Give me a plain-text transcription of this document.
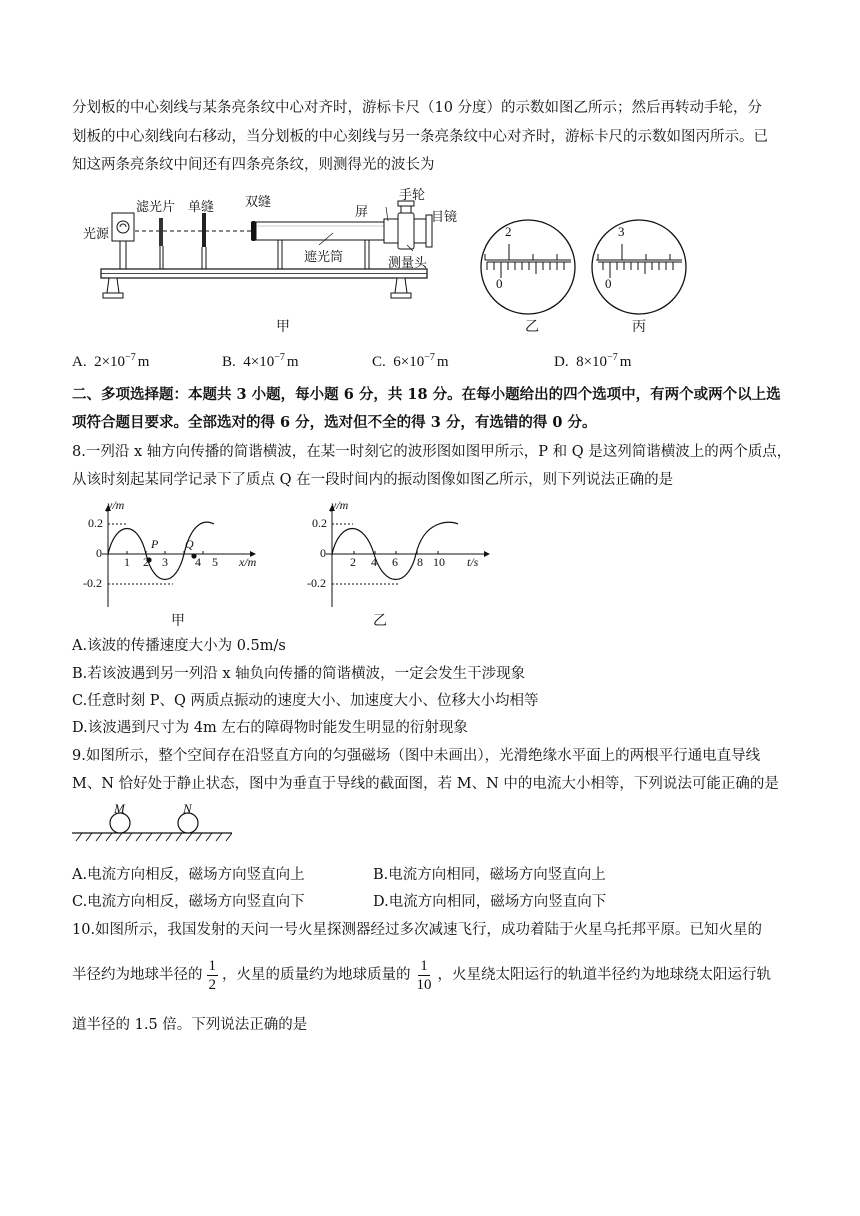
分划板的中心刻线与某条亮条纹中心对齐时，游标卡尺（10 分度）的示数如图乙所示；然后再转动手轮，分
划板的中心刻线向右移动，当分划板的中心刻线与另一条亮条纹中心对齐时，游标卡尺的示数如图丙所示。已
知这两条亮条纹中间还有四条亮条纹，则测得光的波长为
光源
滤光片 单缝 双缝
屏
手轮
目镜
遮光筒	测量头
甲
2
0
乙
3
0
丙
A. $2\times 10^{-7}$ m	B. $4\times 10^{-7}$ m	C. $6\times 10^{-7}$ m	D. $8\times 10^{-7}$ m
二、多项选择题：本题共 3 小题，每小题 6 分，共 18 分。在每小题给出的四个选项中，有两个或两个以上选
项符合题目要求。全部选对的得 6 分，选对但不全的得 3 分，有选错的得 0 分。
8.一列沿 x 轴方向传播的简谐横波，在某一时刻它的波形图如图甲所示，P 和 Q 是这列简谐横波上的两个质点，
从该时刻起某同学记录下了质点 Q 在一段时间内的振动图像如图乙所示，则下列说法正确的是
y/m
0.2
0
-0.2
1 2 3 4 5 x/m
P Q
甲
y/m
0.2
0
-0.2
2 4 6 8 10 t/s
乙
A.该波的传播速度大小为 0.5m/s
B.若该波遇到另一列沿 x 轴负向传播的简谐横波，一定会发生干涉现象
C.任意时刻 P、Q 两质点振动的速度大小、加速度大小、位移大小均相等
D.该波遇到尺寸为 4m 左右的障碍物时能发生明显的衍射现象
9.如图所示，整个空间存在沿竖直方向的匀强磁场（图中未画出），光滑绝缘水平面上的两根平行通电直导线
M、N 恰好处于静止状态，图中为垂直于导线的截面图，若 M、N 中的电流大小相等，下列说法可能正确的是
M	N
A.电流方向相反，磁场方向竖直向上	B.电流方向相同，磁场方向竖直向上
C.电流方向相反，磁场方向竖直向下	D.电流方向相同，磁场方向竖直向下
10.如图所示，我国发射的天问一号火星探测器经过多次减速飞行，成功着陆于火星乌托邦平原。已知火星的
半径约为地球半径的 $\frac{1}{2}$ ，火星的质量约为地球质量的 $\frac{1}{10}$ ，火星绕太阳运行的轨道半径约为地球绕太阳运行轨
道半径的 1.5 倍。下列说法正确的是
